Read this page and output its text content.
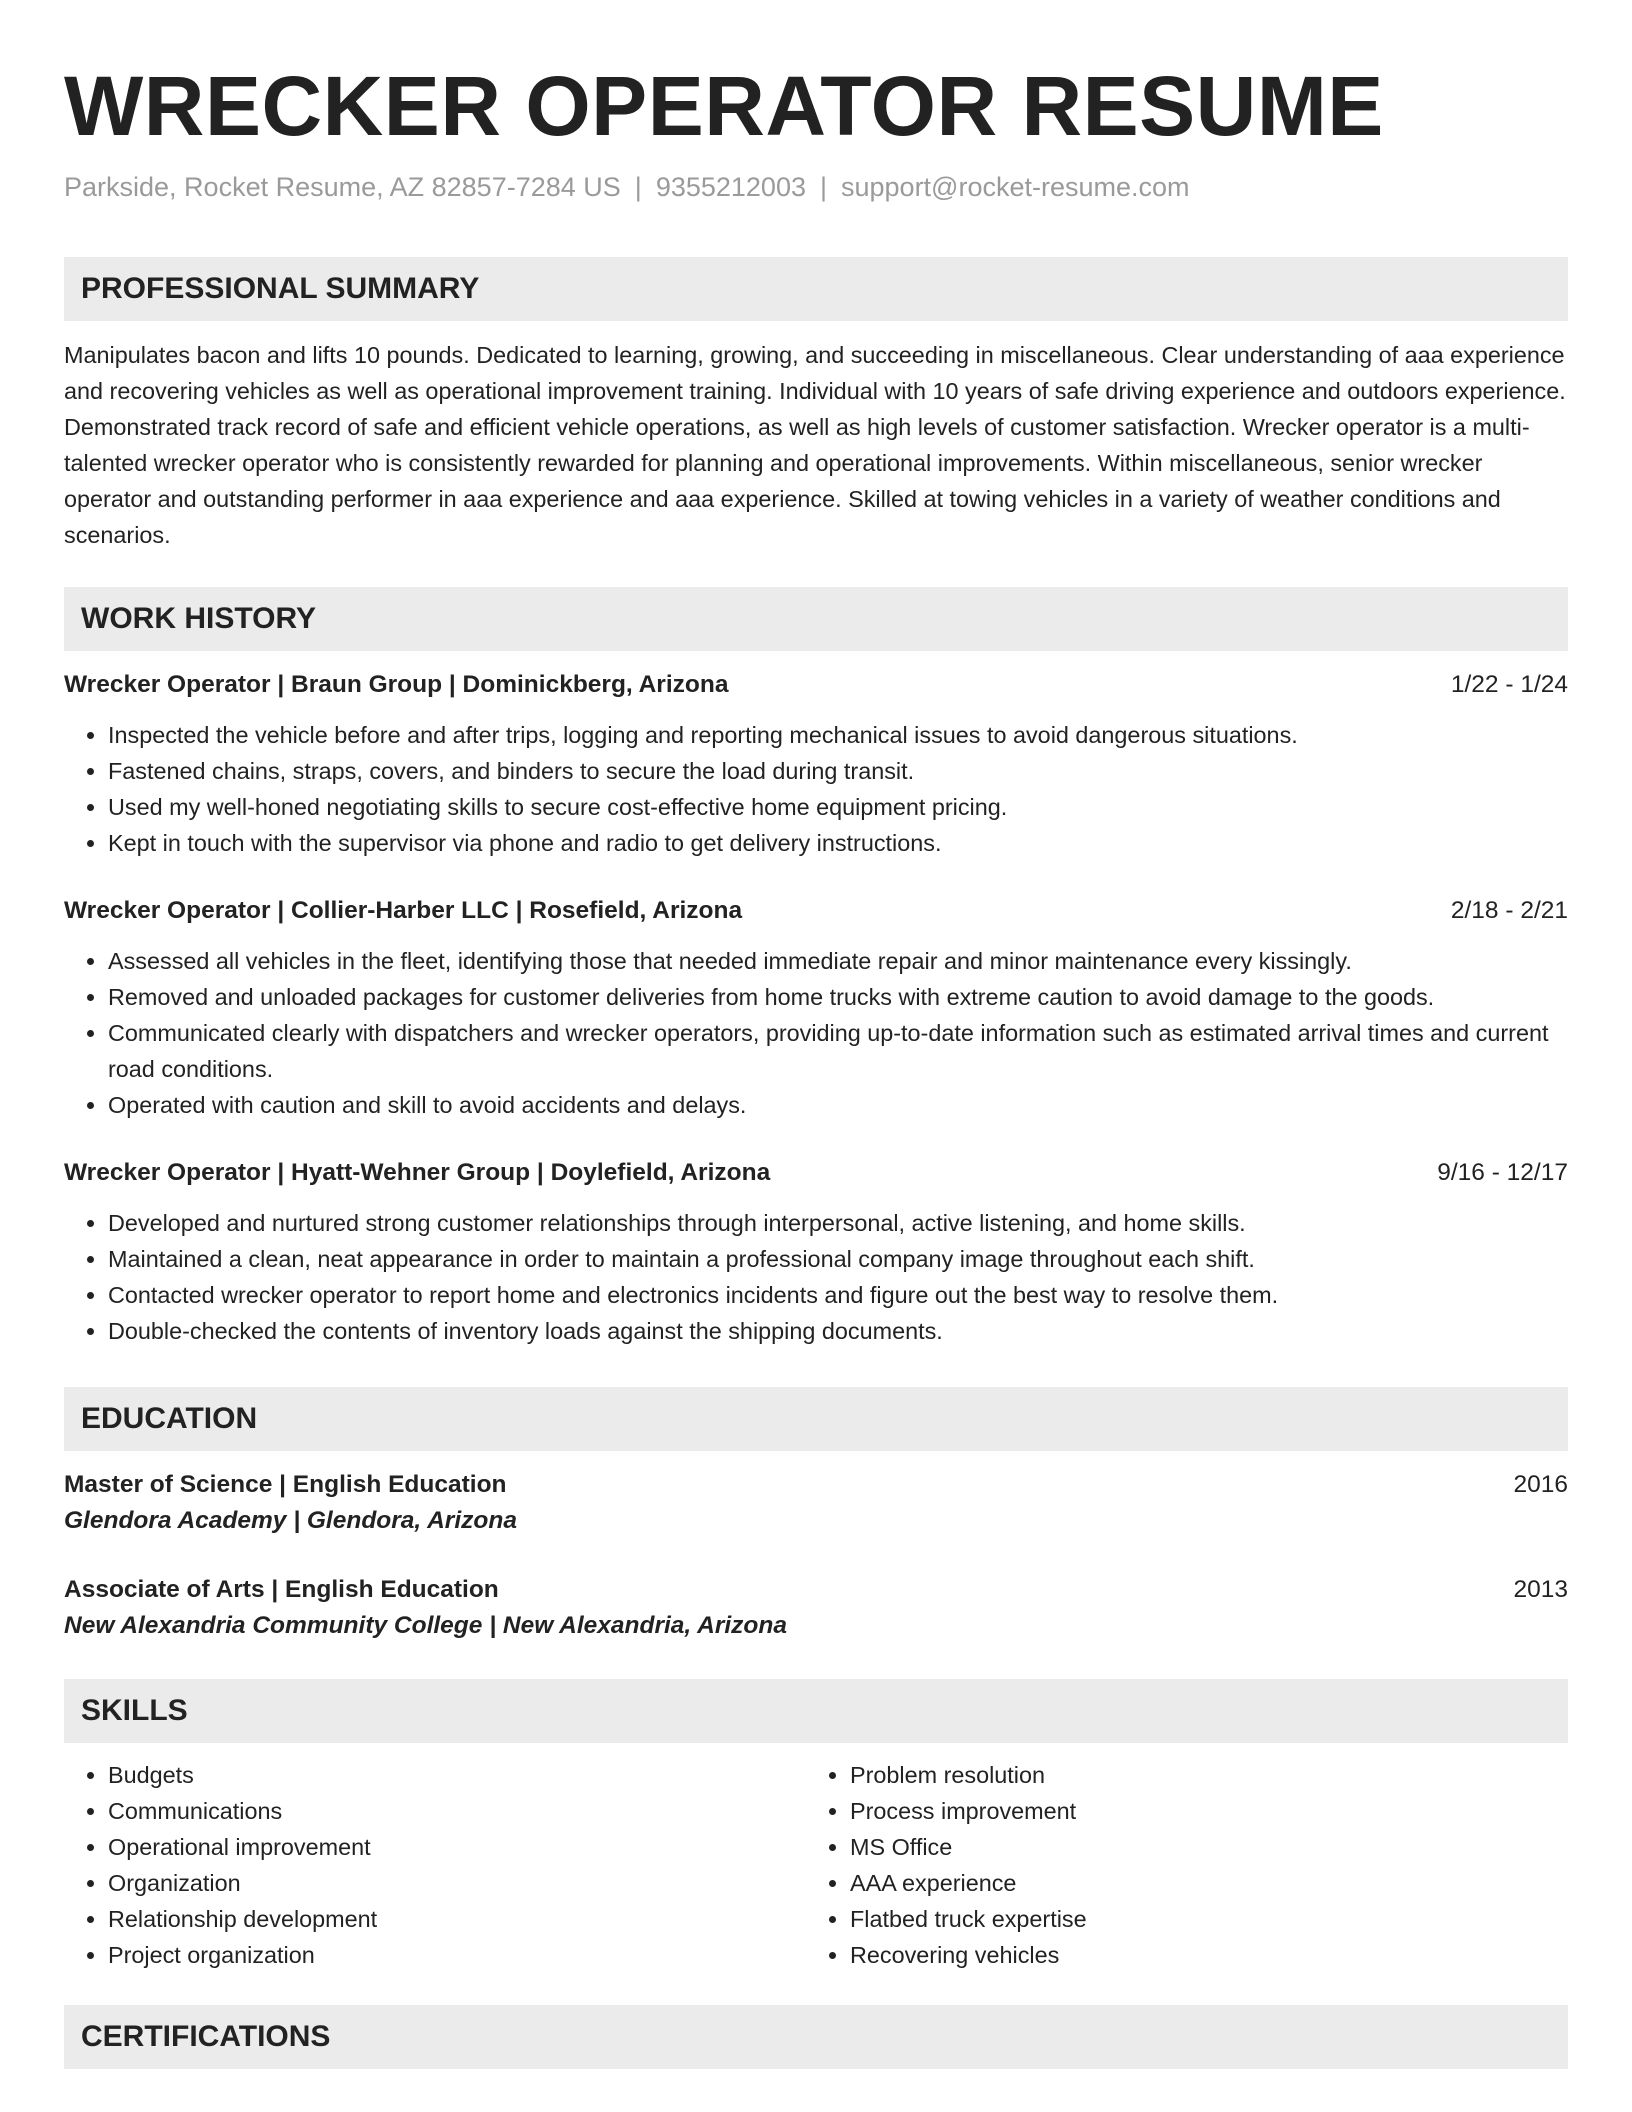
WRECKER OPERATOR RESUME
Parkside, Rocket Resume, AZ 82857-7284 US | 9355212003 | support@rocket-resume.com
PROFESSIONAL SUMMARY
Manipulates bacon and lifts 10 pounds. Dedicated to learning, growing, and succeeding in miscellaneous. Clear understanding of aaa experience and recovering vehicles as well as operational improvement training. Individual with 10 years of safe driving experience and outdoors experience. Demonstrated track record of safe and efficient vehicle operations, as well as high levels of customer satisfaction. Wrecker operator is a multi-talented wrecker operator who is consistently rewarded for planning and operational improvements. Within miscellaneous, senior wrecker operator and outstanding performer in aaa experience and aaa experience. Skilled at towing vehicles in a variety of weather conditions and scenarios.
WORK HISTORY
Wrecker Operator | Braun Group | Dominickberg, Arizona	1/22 - 1/24
• Inspected the vehicle before and after trips, logging and reporting mechanical issues to avoid dangerous situations.
• Fastened chains, straps, covers, and binders to secure the load during transit.
• Used my well-honed negotiating skills to secure cost-effective home equipment pricing.
• Kept in touch with the supervisor via phone and radio to get delivery instructions.
Wrecker Operator | Collier-Harber LLC | Rosefield, Arizona	2/18 - 2/21
• Assessed all vehicles in the fleet, identifying those that needed immediate repair and minor maintenance every kissingly.
• Removed and unloaded packages for customer deliveries from home trucks with extreme caution to avoid damage to the goods.
• Communicated clearly with dispatchers and wrecker operators, providing up-to-date information such as estimated arrival times and current road conditions.
• Operated with caution and skill to avoid accidents and delays.
Wrecker Operator | Hyatt-Wehner Group | Doylefield, Arizona	9/16 - 12/17
• Developed and nurtured strong customer relationships through interpersonal, active listening, and home skills.
• Maintained a clean, neat appearance in order to maintain a professional company image throughout each shift.
• Contacted wrecker operator to report home and electronics incidents and figure out the best way to resolve them.
• Double-checked the contents of inventory loads against the shipping documents.
EDUCATION
Master of Science | English Education	2016
Glendora Academy | Glendora, Arizona
Associate of Arts | English Education	2013
New Alexandria Community College | New Alexandria, Arizona
SKILLS
• Budgets
• Communications
• Operational improvement
• Organization
• Relationship development
• Project organization
• Problem resolution
• Process improvement
• MS Office
• AAA experience
• Flatbed truck expertise
• Recovering vehicles
CERTIFICATIONS
